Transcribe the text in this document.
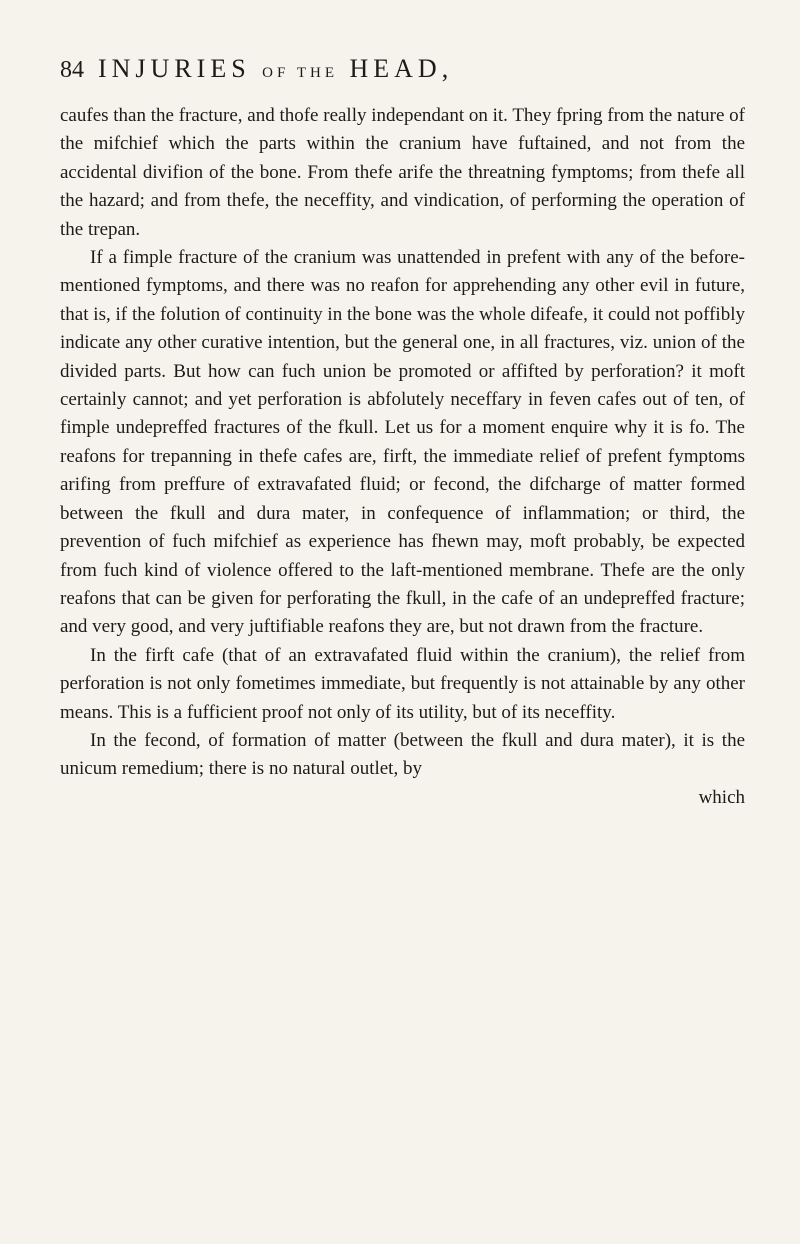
84 INJURIES OF THE HEAD,

caufes than the fracture, and thofe really independant on it. They fpring from the nature of the mifchief which the parts within the cranium have fuftained, and not from the accidental divifion of the bone. From thefe arife the threatning fymptoms; from thefe all the hazard; and from thefe, the neceffity, and vindication, of performing the operation of the trepan.

If a fimple fracture of the cranium was unattended in prefent with any of the before-mentioned fymptoms, and there was no reafon for apprehending any other evil in future, that is, if the folution of continuity in the bone was the whole difeafe, it could not poffibly indicate any other curative intention, but the general one, in all fractures, viz. union of the divided parts. But how can fuch union be promoted or affifted by perforation? it moft certainly cannot; and yet perforation is abfolutely neceffary in feven cafes out of ten, of fimple undepreffed fractures of the fkull. Let us for a moment enquire why it is fo. The reafons for trepanning in thefe cafes are, firft, the immediate relief of prefent fymptoms arifing from preffure of extravafated fluid; or fecond, the difcharge of matter formed between the fkull and dura mater, in confequence of inflammation; or third, the prevention of fuch mifchief as experience has fhewn may, moft probably, be expected from fuch kind of violence offered to the laft-mentioned membrane. Thefe are the only reafons that can be given for perforating the fkull, in the cafe of an undepreffed fracture; and very good, and very juftifiable reafons they are, but not drawn from the fracture.

In the firft cafe (that of an extravafated fluid within the cranium), the relief from perforation is not only fometimes immediate, but frequently is not attainable by any other means. This is a fufficient proof not only of its utility, but of its neceffity.

In the fecond, of formation of matter (between the fkull and dura mater), it is the unicum remedium; there is no natural outlet, by

which
